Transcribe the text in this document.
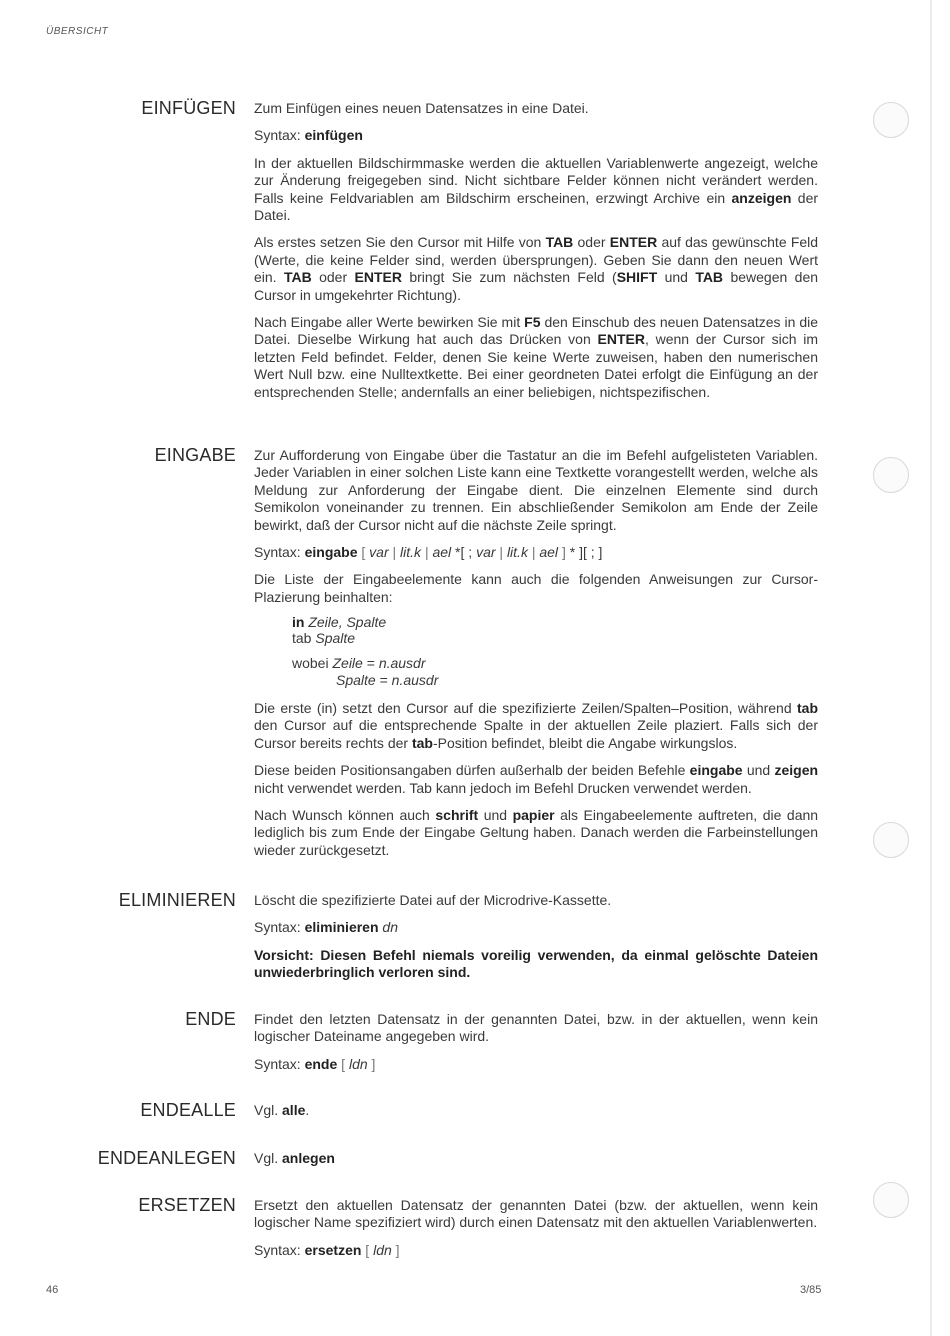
ÜBERSICHT
EINFÜGEN Zum Einfügen eines neuen Datensatzes in eine Datei.

Syntax: einfügen

In der aktuellen Bildschirmmaske werden die aktuellen Variablenwerte angezeigt, welche zur Änderung freigegeben sind. Nicht sichtbare Felder können nicht verändert werden. Falls keine Feldvariablen am Bildschirm erscheinen, erzwingt Archive ein anzeigen der Datei.

Als erstes setzen Sie den Cursor mit Hilfe von TAB oder ENTER auf das gewünschte Feld (Werte, die keine Felder sind, werden übersprungen). Geben Sie dann den neuen Wert ein. TAB oder ENTER bringt Sie zum nächsten Feld (SHIFT und TAB bewegen den Cursor in umgekehrter Richtung).

Nach Eingabe aller Werte bewirken Sie mit F5 den Einschub des neuen Datensatzes in die Datei. Dieselbe Wirkung hat auch das Drücken von ENTER, wenn der Cursor sich im letzten Feld befindet. Felder, denen Sie keine Werte zuweisen, haben den numerischen Wert Null bzw. eine Nulltextkette. Bei einer geordneten Datei erfolgt die Einfügung an der entsprechenden Stelle; andernfalls an einer beliebigen, nichtspezifischen.

EINGABE Zur Aufforderung von Eingabe über die Tastatur an die im Befehl aufgelisteten Variablen. Jeder Variablen in einer solchen Liste kann eine Textkette vorangestellt werden, welche als Meldung zur Anforderung der Eingabe dient. Die einzelnen Elemente sind durch Semikolon voneinander zu trennen. Ein abschließender Semikolon am Ende der Zeile bewirkt, daß der Cursor nicht auf die nächste Zeile springt.

Syntax: eingabe [ var | lit.k | ael *[ ; var | lit.k | ael ] * ][ ; ]

Die Liste der Eingabeelemente kann auch die folgenden Anweisungen zur Cursor-Plazierung beinhalten:

in Zeile, Spalte

tab Spalte

wobei Zeile = n.ausdr

Spalte = n.ausdr

Die erste (in) setzt den Cursor auf die spezifizierte Zeilen/Spalten–Position, während tab den Cursor auf die entsprechende Spalte in der aktuellen Zeile plaziert. Falls sich der Cursor bereits rechts der tab-Position befindet, bleibt die Angabe wirkungslos.

Diese beiden Positionsangaben dürfen außerhalb der beiden Befehle eingabe und zeigen nicht verwendet werden. Tab kann jedoch im Befehl Drucken verwendet werden.

Nach Wunsch können auch schrift und papier als Eingabeelemente auftreten, die dann lediglich bis zum Ende der Eingabe Geltung haben. Danach werden die Farbeinstellungen wieder zurückgesetzt.

ELIMINIEREN Löscht die spezifizierte Datei auf der Microdrive-Kassette.

Syntax: eliminieren dn

Vorsicht: Diesen Befehl niemals voreilig verwenden, da einmal gelöschte Dateien unwiederbringlich verloren sind.

ENDE Findet den letzten Datensatz in der genannten Datei, bzw. in der aktuellen, wenn kein logischer Dateiname angegeben wird.

Syntax: ende [ ldn ]

ENDEALLE Vgl. alle.

ENDEANLEGEN Vgl. anlegen

ERSETZEN Ersetzt den aktuellen Datensatz der genannten Datei (bzw. der aktuellen, wenn kein logischer Name spezifiziert wird) durch einen Datensatz mit den aktuellen Variablenwerten.

Syntax: ersetzen [ ldn ]

46	3/85
